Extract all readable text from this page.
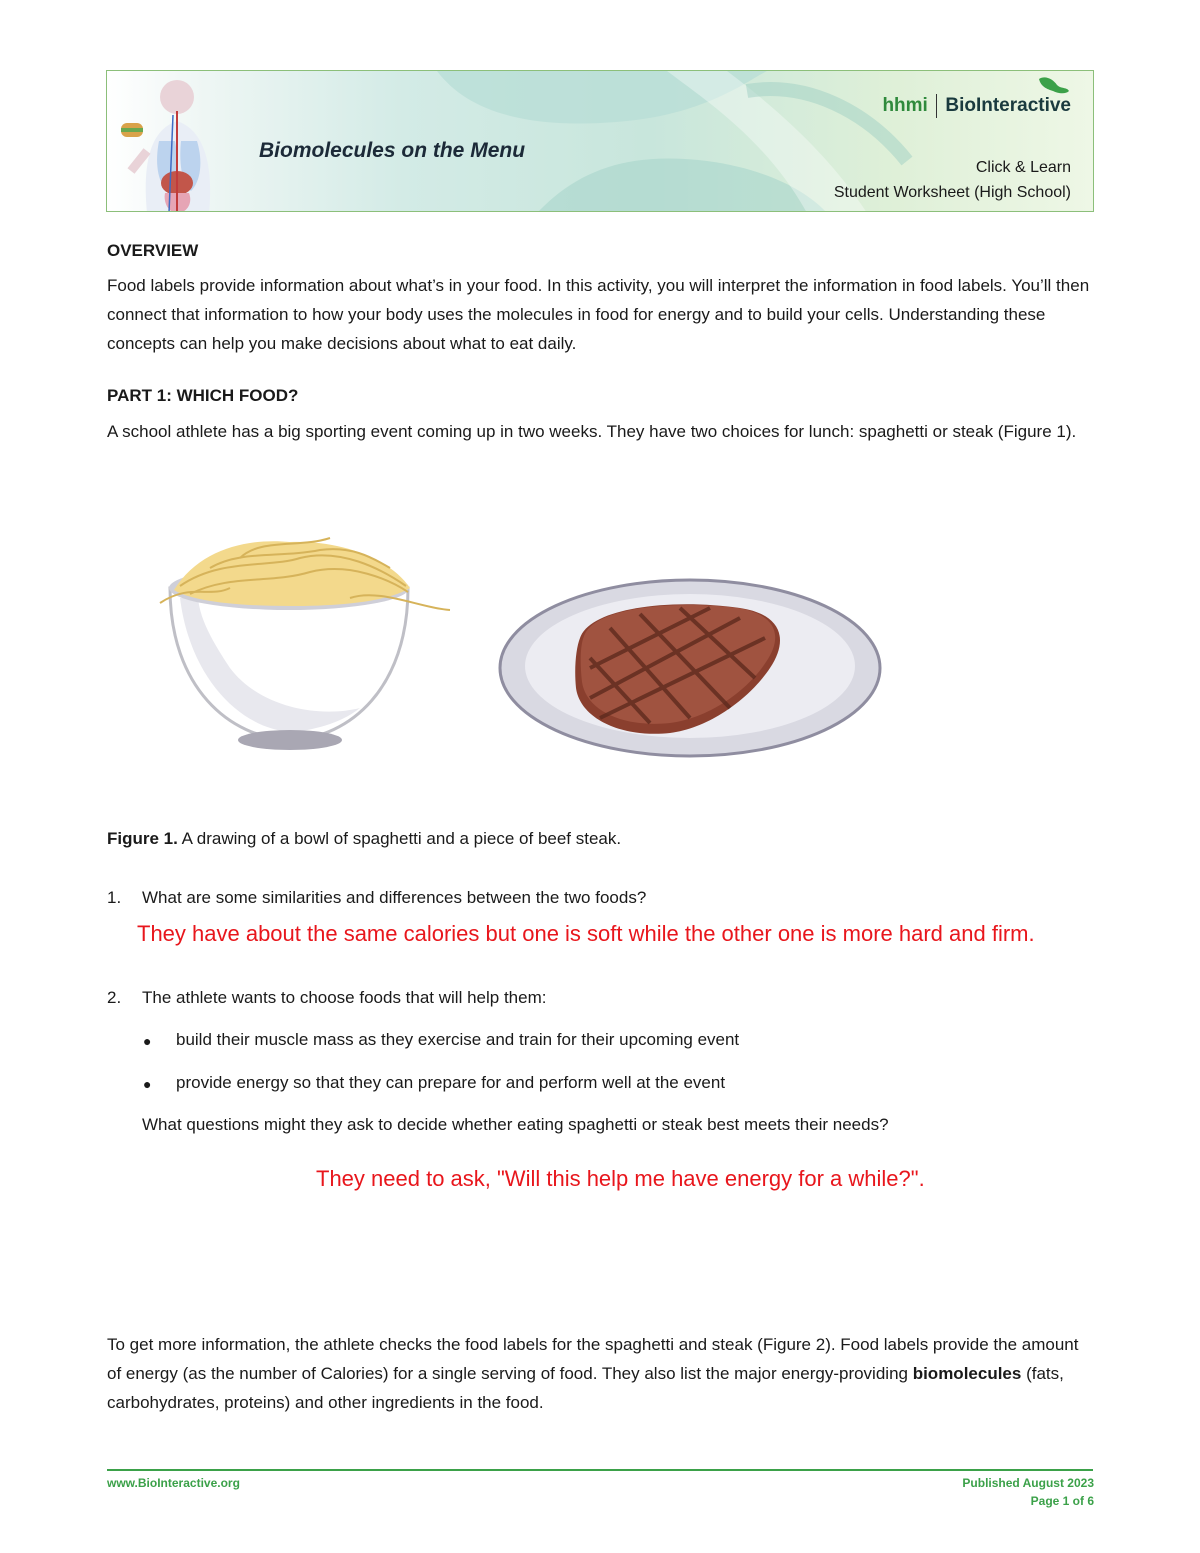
Biomolecules on the Menu
hhmi BioInteractive
Click & Learn
Student Worksheet (High School)

OVERVIEW

Food labels provide information about what’s in your food. In this activity, you will interpret the information in food labels. You’ll then connect that information to how your body uses the molecules in food for energy and to build your cells. Understanding these concepts can help you make decisions about what to eat daily.

PART 1: WHICH FOOD?

A school athlete has a big sporting event coming up in two weeks. They have two choices for lunch: spaghetti or steak (Figure 1).

Figure 1. A drawing of a bowl of spaghetti and a piece of beef steak.

1. What are some similarities and differences between the two foods?

They have about the same calories but one is soft while the other one is more hard and firm.

2. The athlete wants to choose foods that will help them:

● build their muscle mass as they exercise and train for their upcoming event

● provide energy so that they can prepare for and perform well at the event

What questions might they ask to decide whether eating spaghetti or steak best meets their needs?

They need to ask, "Will this help me have energy for a while?".

To get more information, the athlete checks the food labels for the spaghetti and steak (Figure 2). Food labels provide the amount of energy (as the number of Calories) for a single serving of food. They also list the major energy-providing biomolecules (fats, carbohydrates, proteins) and other ingredients in the food.

www.BioInteractive.org	Published August 2023
Page 1 of 6
